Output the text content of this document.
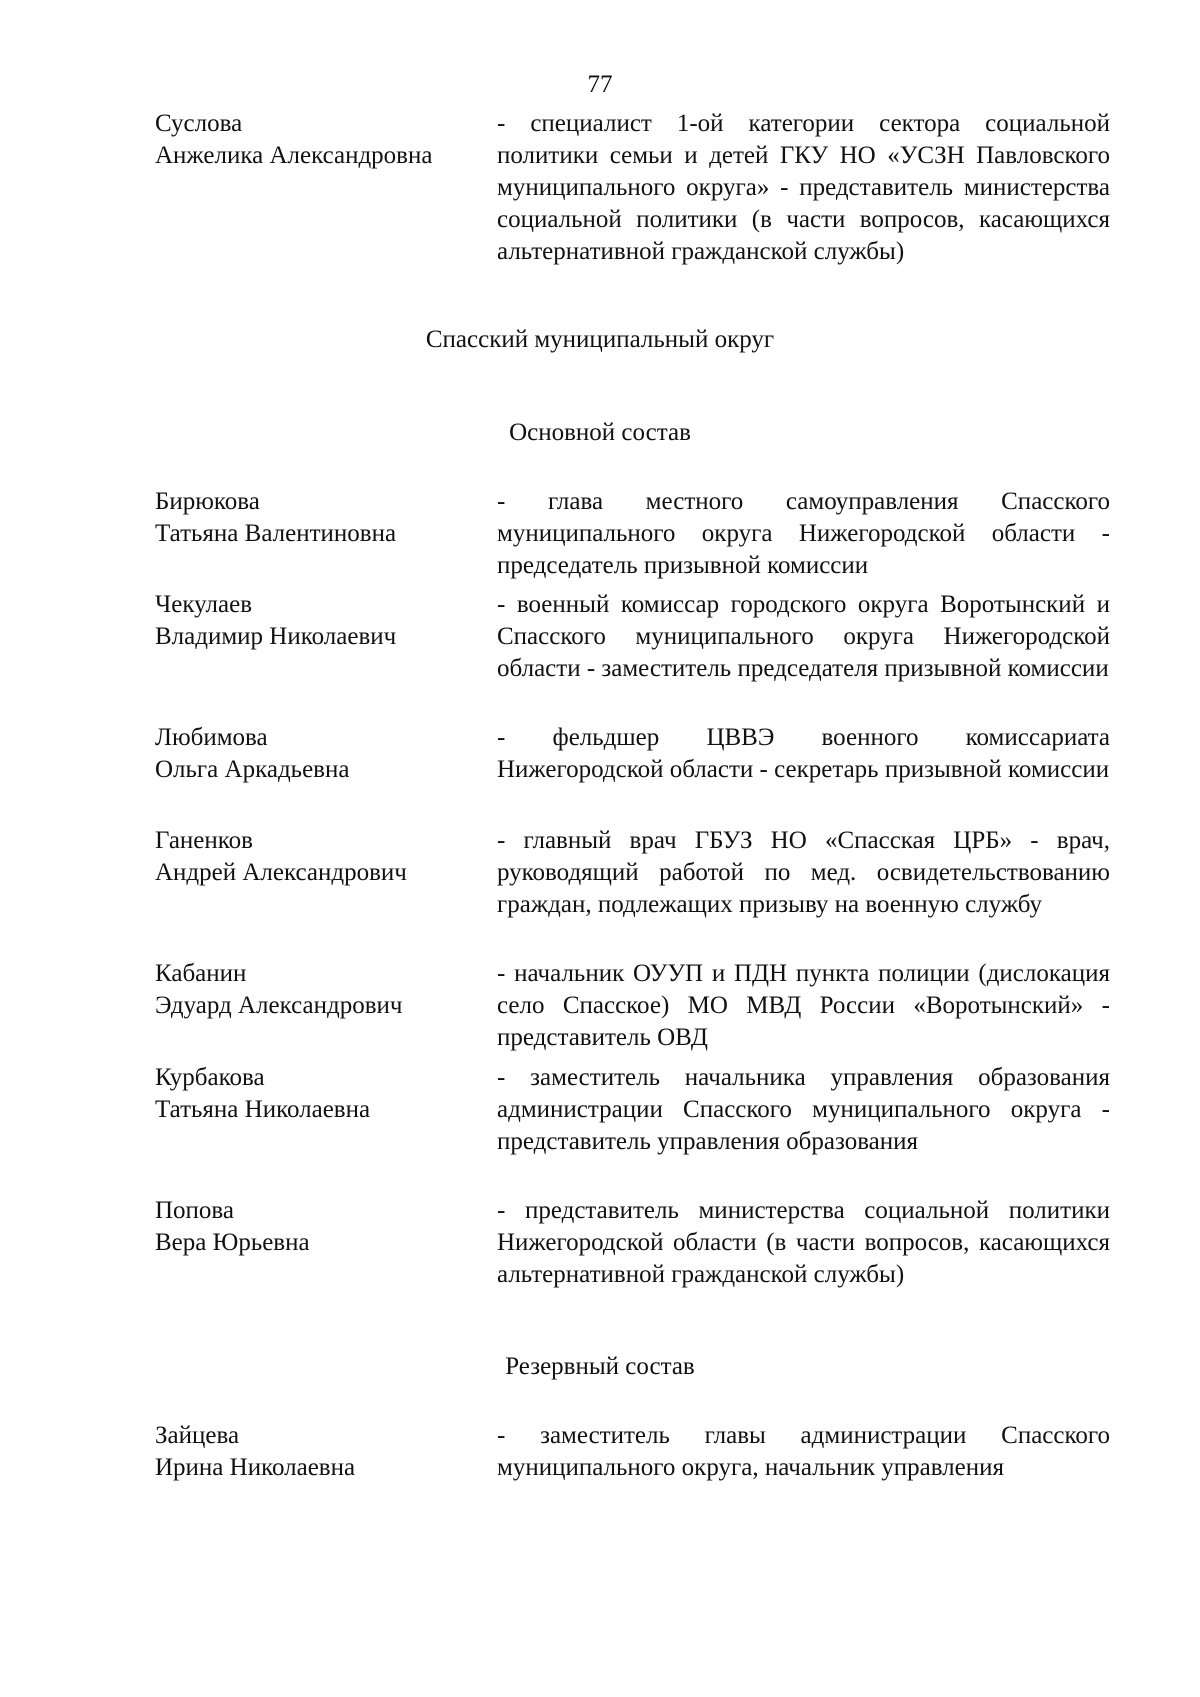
77
Суслова
Анжелика Александровна
- специалист 1-ой категории сектора социальной политики семьи и детей ГКУ НО «УСЗН Павловского муниципального округа» - представитель министерства социальной политики (в части вопросов, касающихся альтернативной гражданской службы)
Спасский муниципальный округ
Основной состав
Бирюкова
Татьяна Валентиновна
- глава местного самоуправления Спасского муниципального округа Нижегородской области - председатель призывной комиссии
Чекулаев
Владимир Николаевич
- военный комиссар городского округа Воротынский и Спасского муниципального округа Нижегородской области - заместитель председателя призывной комиссии
Любимова
Ольга Аркадьевна
- фельдшер ЦВВЭ военного комиссариата Нижегородской области - секретарь призывной комиссии
Ганенков
Андрей Александрович
- главный врач ГБУЗ НО «Спасская ЦРБ» - врач, руководящий работой по мед. освидетельствованию граждан, подлежащих призыву на военную службу
Кабанин
Эдуард Александрович
- начальник ОУУП и ПДН пункта полиции (дислокация село Спасское) МО МВД России «Воротынский» - представитель ОВД
Курбакова
Татьяна Николаевна
- заместитель начальника управления образования администрации Спасского муниципального округа - представитель управления образования
Попова
Вера Юрьевна
- представитель министерства социальной политики Нижегородской области (в части вопросов, касающихся альтернативной гражданской службы)
Резервный состав
Зайцева
Ирина Николаевна
- заместитель главы администрации Спасского муниципального округа, начальник управления
